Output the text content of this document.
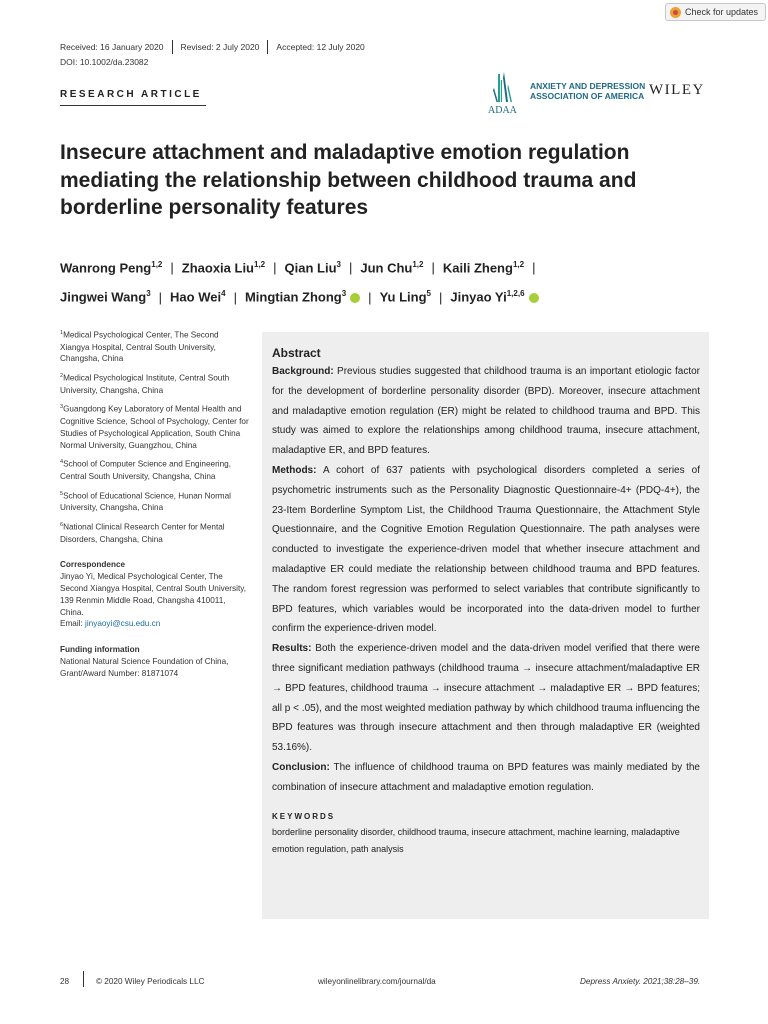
Check for updates
Received: 16 January 2020 Revised: 2 July 2020 Accepted: 12 July 2020
DOI: 10.1002/da.23082
RESEARCH ARTICLE
ADAA
ANXIETY AND DEPRESSION
ASSOCIATION OF AMERICA WILEY
Insecure attachment and maladaptive emotion regulation mediating the relationship between childhood trauma and borderline personality features
Wanrong Peng$^{1,2}$ | Zhaoxia Liu$^{1,2}$ | Qian Liu$^3$ | Jun Chu$^{1,2}$ | Kaili Zheng$^{1,2}$ |
Jingwei Wang$^3$ | Hao Wei$^4$ | Mingtian Zhong$^3$iD | Yu Ling$^5$ | Jinyao Yi$^{1,2,6}$iD

$^1$Medical Psychological Center, The Second Xiangya Hospital, Central South University, Changsha, China

$^2$Medical Psychological Institute, Central South University, Changsha, China

$^3$Guangdong Key Laboratory of Mental Health and Cognitive Science, School of Psychology, Center for Studies of Psychological Application, South China Normal University, Guangzhou, China

$^4$School of Computer Science and Engineering, Central South University, Changsha, China

$^5$School of Educational Science, Hunan Normal University, Changsha, China

$^6$National Clinical Research Center for Mental Disorders, Changsha, China

Correspondence

Jinyao Yi, Medical Psychological Center, The Second Xiangya Hospital, Central South University, 139 Renmin Middle Road, Changsha 410011, China.
Email: jinyaoyi@csu.edu.cn

Funding information

National Natural Science Foundation of China, Grant/Award Number: 81871074

Abstract

Background: Previous studies suggested that childhood trauma is an important etiologic factor for the development of borderline personality disorder (BPD). Moreover, insecure attachment and maladaptive emotion regulation (ER) might be related to childhood trauma and BPD. This study was aimed to explore the relationships among childhood trauma, insecure attachment, maladaptive ER, and BPD features.

Methods: A cohort of 637 patients with psychological disorders completed a series of psychometric instruments such as the Personality Diagnostic Questionnaire-4+ (PDQ-4+), the 23-Item Borderline Symptom List, the Childhood Trauma Questionnaire, the Attachment Style Questionnaire, and the Cognitive Emotion Regulation Questionnaire. The path analyses were conducted to investigate the experience-driven model that whether insecure attachment and maladaptive ER could mediate the relationship between childhood trauma and BPD features. The random forest regression was performed to select variables that contribute significantly to BPD features, which variables would be incorporated into the data-driven model to further confirm the experience-driven model.

Results: Both the experience-driven model and the data-driven model verified that there were three significant mediation pathways (childhood trauma → insecure attachment/maladaptive ER → BPD features, childhood trauma → insecure attachment → maladaptive ER → BPD features; all p < .05), and the most weighted mediation pathway by which childhood trauma influencing the BPD features was through insecure attachment and then through maladaptive ER (weighted 53.16%).

Conclusion: The influence of childhood trauma on BPD features was mainly mediated by the combination of insecure attachment and maladaptive emotion regulation.

KEYWORDS

borderline personality disorder, childhood trauma, insecure attachment, machine learning, maladaptive emotion regulation, path analysis

28	© 2020 Wiley Periodicals LLC	wileyonlinelibrary.com/journal/da	Depress Anxiety. 2021;38:28–39.
